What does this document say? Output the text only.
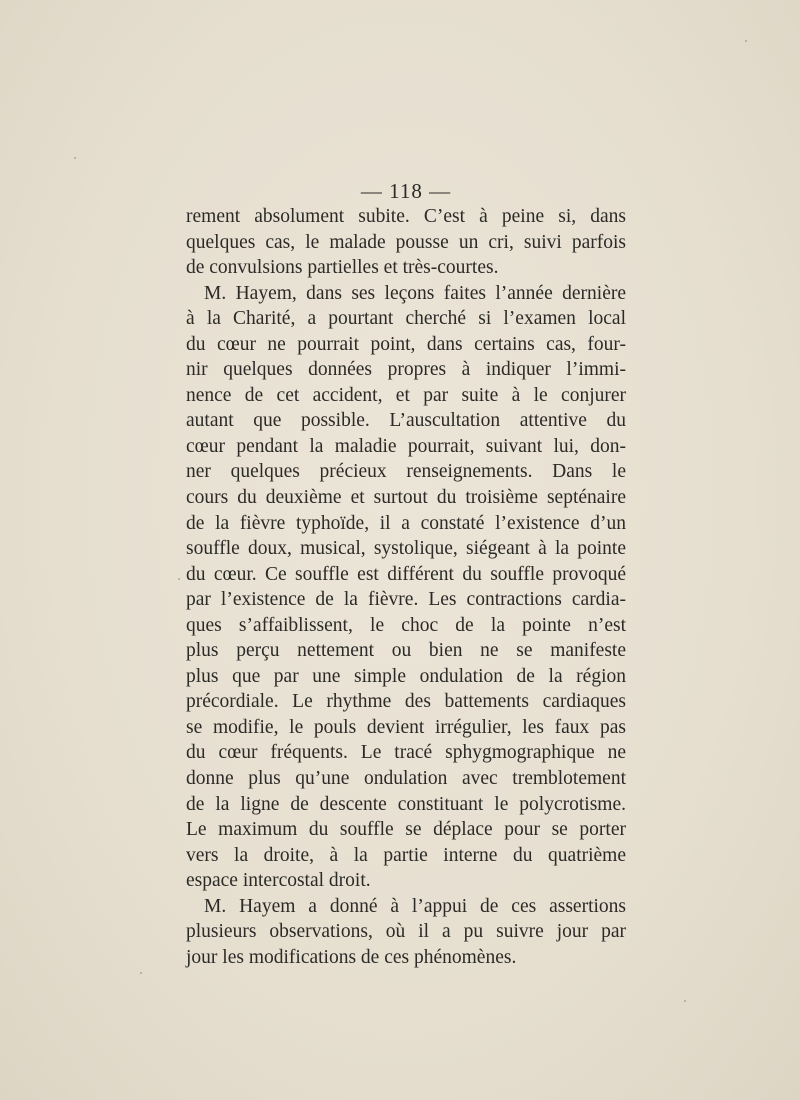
— 118 —
rement absolument subite. C’est à peine si, dans
quelques cas, le malade pousse un cri, suivi parfois
de convulsions partielles et très-courtes.
M. Hayem, dans ses leçons faites l’année dernière
à la Charité, a pourtant cherché si l’examen local
du cœur ne pourrait point, dans certains cas, four-
nir quelques données propres à indiquer l’immi-
nence de cet accident, et par suite à le conjurer
autant que possible. L’auscultation attentive du
cœur pendant la maladie pourrait, suivant lui, don-
ner quelques précieux renseignements. Dans le
cours du deuxième et surtout du troisième septénaire
de la fièvre typhoïde, il a constaté l’existence d’un
souffle doux, musical, systolique, siégeant à la pointe
du cœur. Ce souffle est différent du souffle provoqué
par l’existence de la fièvre. Les contractions cardia-
ques s’affaiblissent, le choc de la pointe n’est
plus perçu nettement ou bien ne se manifeste
plus que par une simple ondulation de la région
précordiale. Le rhythme des battements cardiaques
se modifie, le pouls devient irrégulier, les faux pas
du cœur fréquents. Le tracé sphygmographique ne
donne plus qu’une ondulation avec tremblotement
de la ligne de descente constituant le polycrotisme.
Le maximum du souffle se déplace pour se porter
vers la droite, à la partie interne du quatrième
espace intercostal droit.
M. Hayem a donné à l’appui de ces assertions
plusieurs observations, où il a pu suivre jour par
jour les modifications de ces phénomènes.
